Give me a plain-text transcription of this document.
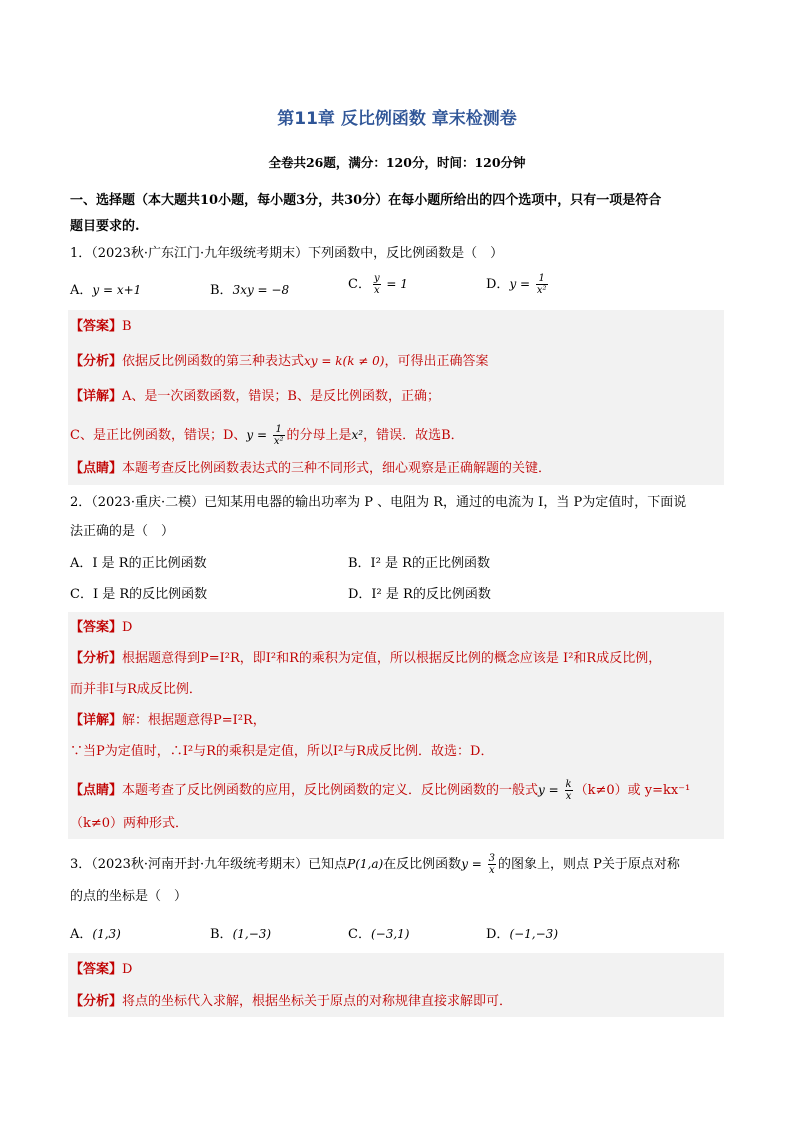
第11章 反比例函数 章末检测卷
全卷共26题，满分：120分，时间：120分钟
一、选择题（本大题共10小题，每小题3分，共30分）在每小题所给出的四个选项中，只有一项是符合
题目要求的.
1．（2023秋·广东江门·九年级统考期末）下列函数中，反比例函数是（　）
A．y = x+1	B．3xy = −8	C． $\frac{y}{x} = 1$	D．$y = \frac{1}{\text{x²}}$
【答案】B
【分析】依据反比例函数的第三种表达式xy = k(k ≠ 0)，可得出正确答案
【详解】A、是一次函数函数，错误；B、是反比例函数，正确；
C、是正比例函数，错误；D、$y = \frac{1}{\text{x²}}$ 的分母上是x²，错误．故选B．
【点睛】本题考查反比例函数表达式的三种不同形式，细心观察是正确解题的关键．
2．（2023·重庆·二模）已知某用电器的输出功率为 P 、电阻为 R，通过的电流为 I，当 P为定值时，下面说
法正确的是（　）
A．I 是 R的正比例函数	B．I² 是 R的正比例函数
C．I 是 R的反比例函数	D．I² 是 R的反比例函数
【答案】D
【分析】根据题意得到P=I²R，即I²和R的乘积为定值，所以根据反比例的概念应该是 I²和R成反比例，
而并非I与R成反比例．
【详解】解：根据题意得P=I²R，
∵当P为定值时，∴I²与R的乘积是定值，所以I²与R成反比例．故选：D．
【点睛】本题考查了反比例函数的应用，反比例函数的定义．反比例函数的一般式$y = \frac{k}{x} (k\ne 0)$或 y=kx⁻¹
（k≠0）两种形式．
3．（2023秋·河南开封·九年级统考期末）已知点P(1,a)在反比例函数$y = \frac{3}{x}$ 的图象上，则点 P关于原点对称
的点的坐标是（　）
A．(1,3)	B．(1,−3)	C．(−3,1)	D．(−1,−3)
【答案】D
【分析】将点的坐标代入求解，根据坐标关于原点的对称规律直接求解即可．
